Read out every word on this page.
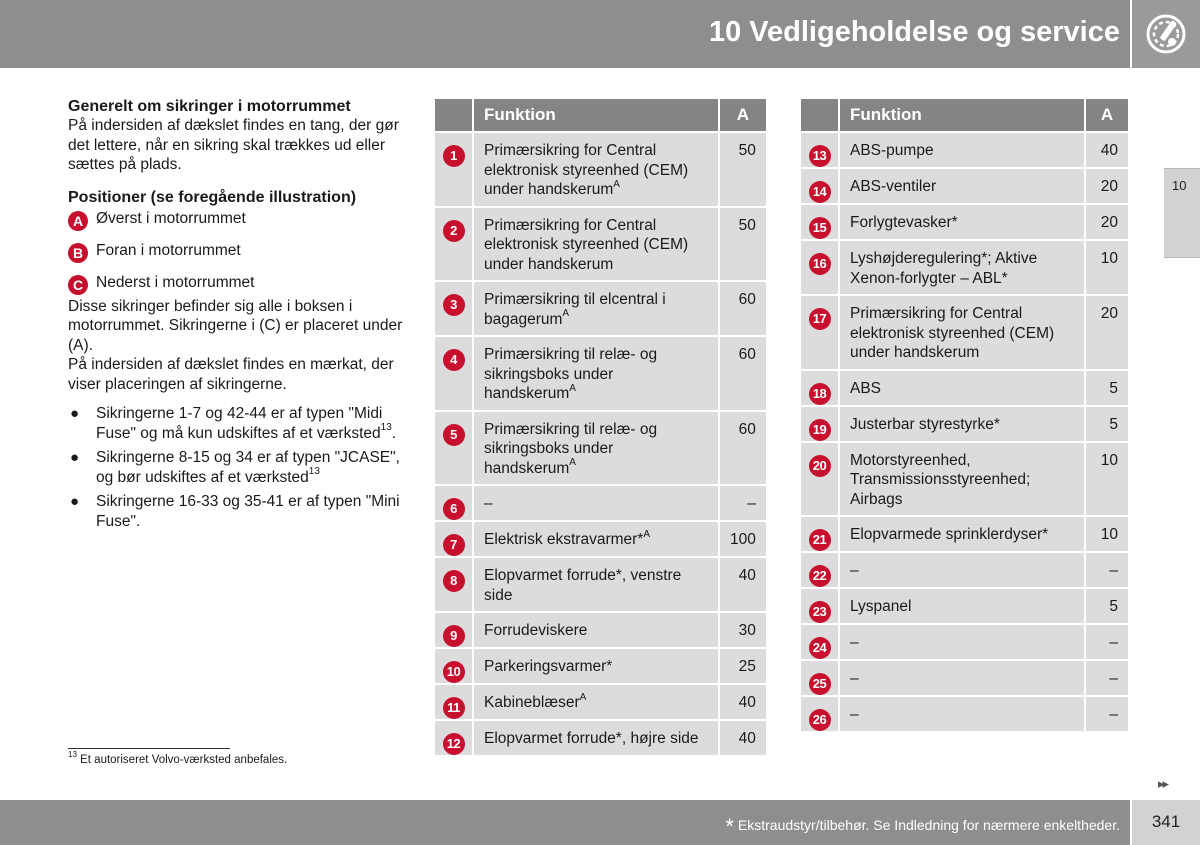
10 Vedligeholdelse og service
10
Generelt om sikringer i motorrummet

På indersiden af dækslet findes en tang, der gør det lettere, når en sikring skal trækkes ud eller sættes på plads.

Positioner (se foregående illustration)
A Øverst i motorrummet
B Foran i motorrummet
C Nederst i motorrummet

Disse sikringer befinder sig alle i boksen i motorrummet. Sikringerne i (C) er placeret under (A).

På indersiden af dækslet findes en mærkat, der viser placeringen af sikringerne.

● Sikringerne 1-7 og 42-44 er af typen "Midi Fuse" og må kun udskiftes af et værksted$^{13}$.
● Sikringerne 8-15 og 34 er af typen "JCASE", og bør udskiftes af et værksted$^{13}$
● Sikringerne 16-33 og 35-41 er af typen "Mini Fuse".
	Funktion	A
1	Primærsikring for Central elektronisk styreenhed (CEM) under handskerum$^A$	50
2	Primærsikring for Central elektronisk styreenhed (CEM) under handskerum	50
3	Primærsikring til elcentral i bagagerum$^A$	60
4	Primærsikring til relæ- og sikringsboks under handskerum$^A$	60
5	Primærsikring til relæ- og sikringsboks under handskerum$^A$	60
6	–	–
7	Elektrisk ekstravarmer*$^A$	100
8	Elopvarmet forrude*, venstre side	40
9	Forrudeviskere	30
10	Parkeringsvarmer*	25
11	Kabineblæser$^A$	40
12	Elopvarmet forrude*, højre side	40
	Funktion	A
13	ABS-pumpe	40
14	ABS-ventiler	20
15	Forlygtevasker*	20
16	Lyshøjderegulering*; Aktive Xenon-forlygter – ABL*	10
17	Primærsikring for Central elektronisk styreenhed (CEM) under handskerum	20
18	ABS	5
19	Justerbar styrestyrke*	5
20	Motorstyreenhed, Transmissionsstyreenhed; Airbags	10
21	Elopvarmede sprinklerdyser*	10
22	–	–
23	Lyspanel	5
24	–	–
25	–	–
26	–	–
$^{13}$ Et autoriseret Volvo-værksted anbefales.
▸▸
* Ekstraudstyr/tilbehør. Se Indledning for nærmere enkeltheder.	341
